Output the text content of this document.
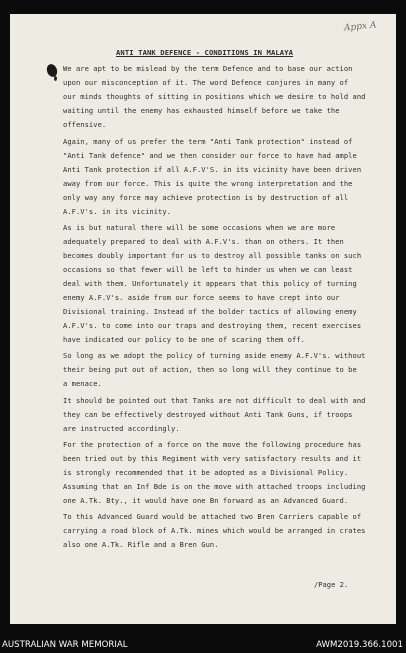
Appx A
ANTI TANK DEFENCE - CONDITIONS IN MALAYA
We are apt to be mislead by the term Defence and to base our action
upon our misconception of it. The word Defence conjures in many of
our minds thoughts of sitting in positions which we desire to hold and
waiting until the enemy has exhausted himself before we take the
offensive.
Again, many of us prefer the term "Anti Tank protection" instead of
"Anti Tank defence" and we then consider our force to have had ample
Anti Tank protection if all A.F.V'S. in its vicinity have been driven
away from our force. This is quite the wrong interpretation and the
only way any force may achieve protection is by destruction of all
A.F.V's. in its vicinity.
As is but natural there will be some occasions when we are more
adequately prepared to deal with A.F.V's. than on others. It then
becomes doubly important for us to destroy all possible tanks on such
occasions so that fewer will be left to hinder us when we can least
deal with them. Unfortunately it appears that this policy of turning
enemy A.F.V's. aside from our force seems to have crept into our
Divisional training. Instead of the bolder tactics of allowing enemy
A.F.V's. to come into our traps and destroying them, recent exercises
have indicated our policy to be one of scaring them off.
So long as we adopt the policy of turning aside enemy A.F.V's. without
their being put out of action, then so long will they continue to be
a menace.
It should be pointed out that Tanks are not difficult to deal with and
they can be effectively destroyed without Anti Tank Guns, if troops
are instructed accordingly.
For the protection of a force on the move the following procedure has
been tried out by this Regiment with very satisfactory results and it
is strongly recommended that it be adopted as a Divisional Policy.
Assuming that an Inf Bde is on the move with attached troops including
one A.Tk. Bty., it would have one Bn forward as an Advanced Guard.
To this Advanced Guard would be attached two Bren Carriers capable of
carrying a road block of A.Tk. mines which would be arranged in crates
also one A.Tk. Rifle and a Bren Gun.
/Page 2.
AUSTRALIAN WAR MEMORIAL	AWM2019.366.1001
